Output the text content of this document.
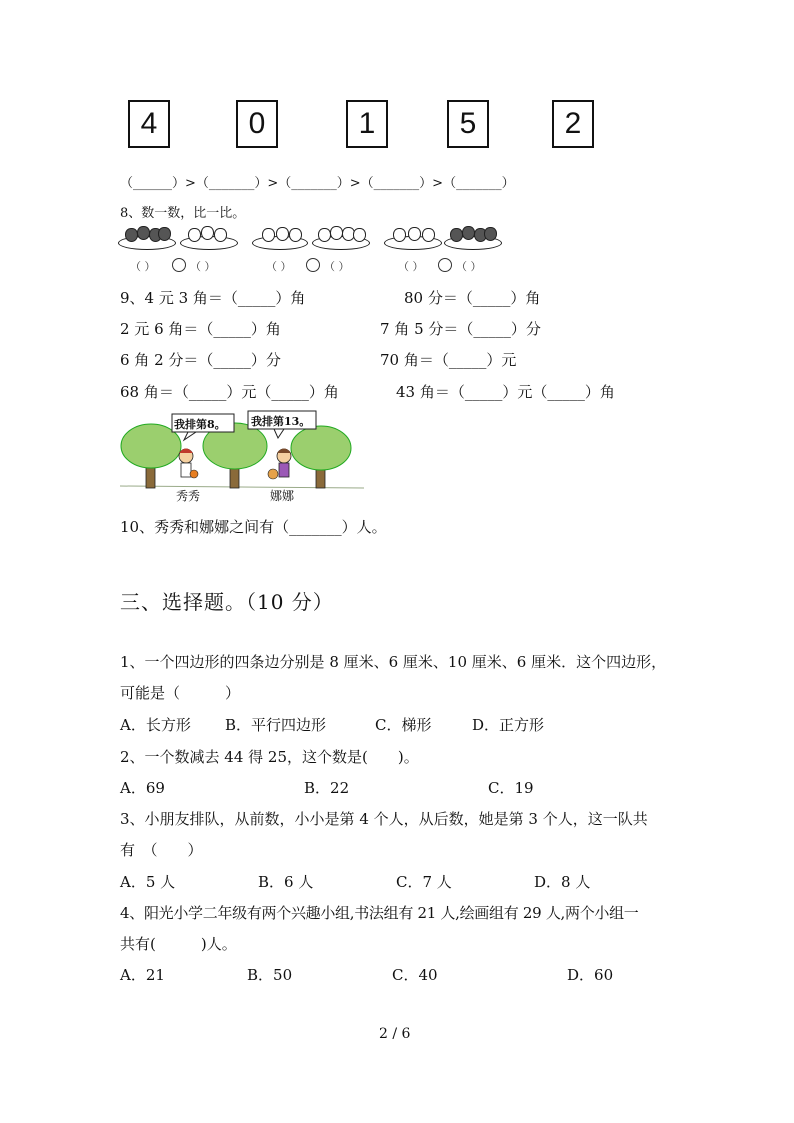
4	0	1	5	2
（______）>（_______）>（_______）>（_______）>（_______）
8、数一数，比一比。
（ ）	（ ）	（ ）	（ ）	（ ）	（ ）
9、4 元 3 角＝（_____）角	80 分＝（_____）角
2 元 6 角＝（_____）角	7 角 5 分＝（_____）分
6 角 2 分＝（_____）分	70 角＝（_____）元
68 角＝（_____）元（_____）角	43 角＝（_____）元（_____）角
我排第8。 我排第13。
秀秀	娜娜
10、秀秀和娜娜之间有（_______）人。
三、选择题。（10 分）
1、一个四边形的四条边分别是 8 厘米、6 厘米、10 厘米、6 厘米．这个四边形，
可能是（　　　）
A．长方形 B．平行四边形	C．梯形	D．正方形
2、一个数减去 44 得 25，这个数是(　　)。
A．69	B．22	C．19
3、小朋友排队，从前数，小小是第 4 个人，从后数，她是第 3 个人，这一队共
有　（　　）
A．5 人	B．6 人	C．7 人	D．8 人
4、阳光小学二年级有两个兴趣小组,书法组有 21 人,绘画组有 29 人,两个小组一
共有(　　　)人。
A．21	B．50	C．40	D．60
2 / 6
